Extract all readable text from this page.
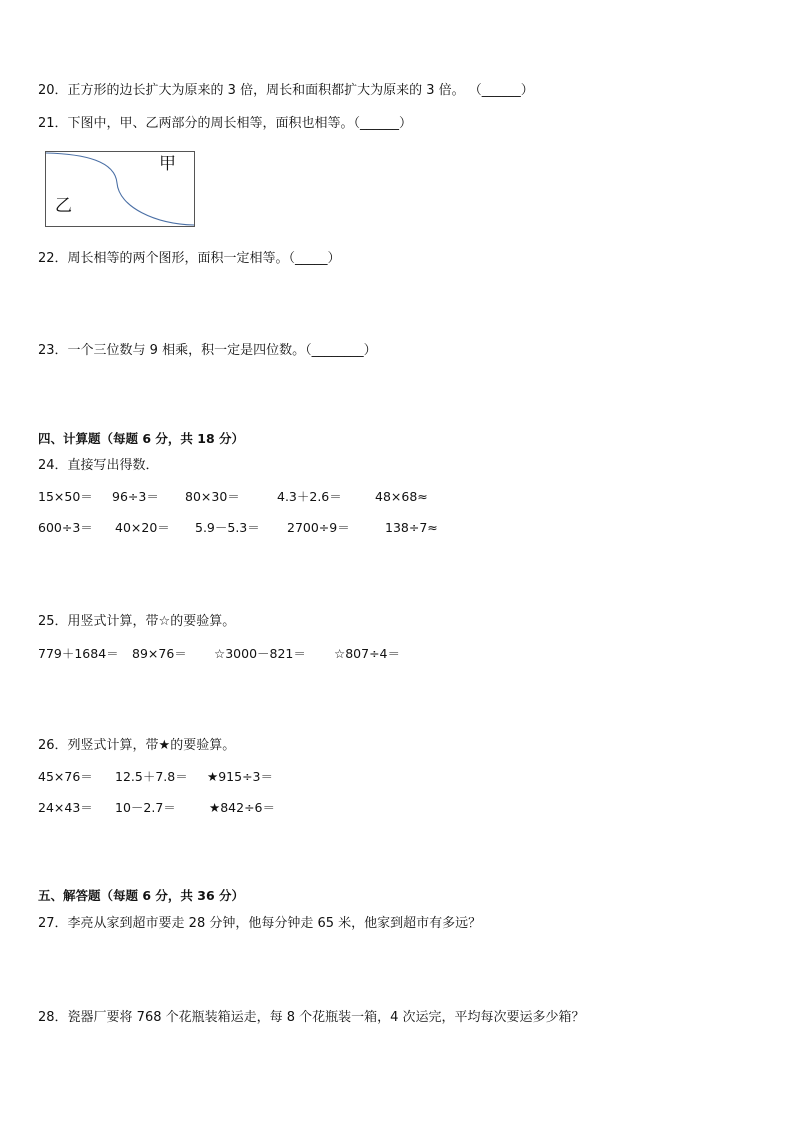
20．正方形的边长扩大为原来的 3 倍，周长和面积都扩大为原来的 3 倍。 （______）
21．下图中，甲、乙两部分的周长相等，面积也相等。（______）
甲
乙
22．周长相等的两个图形，面积一定相等。（_____）
23．一个三位数与 9 相乘，积一定是四位数。（________）
四、计算题（每题 6 分，共 18 分）
24．直接写出得数．
15×50＝ 96÷3＝ 80×30＝	4.3＋2.6＝	48×68≈
600÷3＝ 40×20＝ 5.9－5.3＝ 2700÷9＝	138÷7≈
25．用竖式计算，带☆的要验算。
779＋1684＝ 89×76＝ ☆3000－821＝ ☆807÷4＝
26．列竖式计算，带★的要验算。
45×76＝ 12.5＋7.8＝ ★915÷3＝
24×43＝ 10－2.7＝	★842÷6＝
五、解答题（每题 6 分，共 36 分）
27．李亮从家到超市要走 28 分钟，他每分钟走 65 米，他家到超市有多远？
28．瓷器厂要将 768 个花瓶装箱运走，每 8 个花瓶装一箱，4 次运完，平均每次要运多少箱？
